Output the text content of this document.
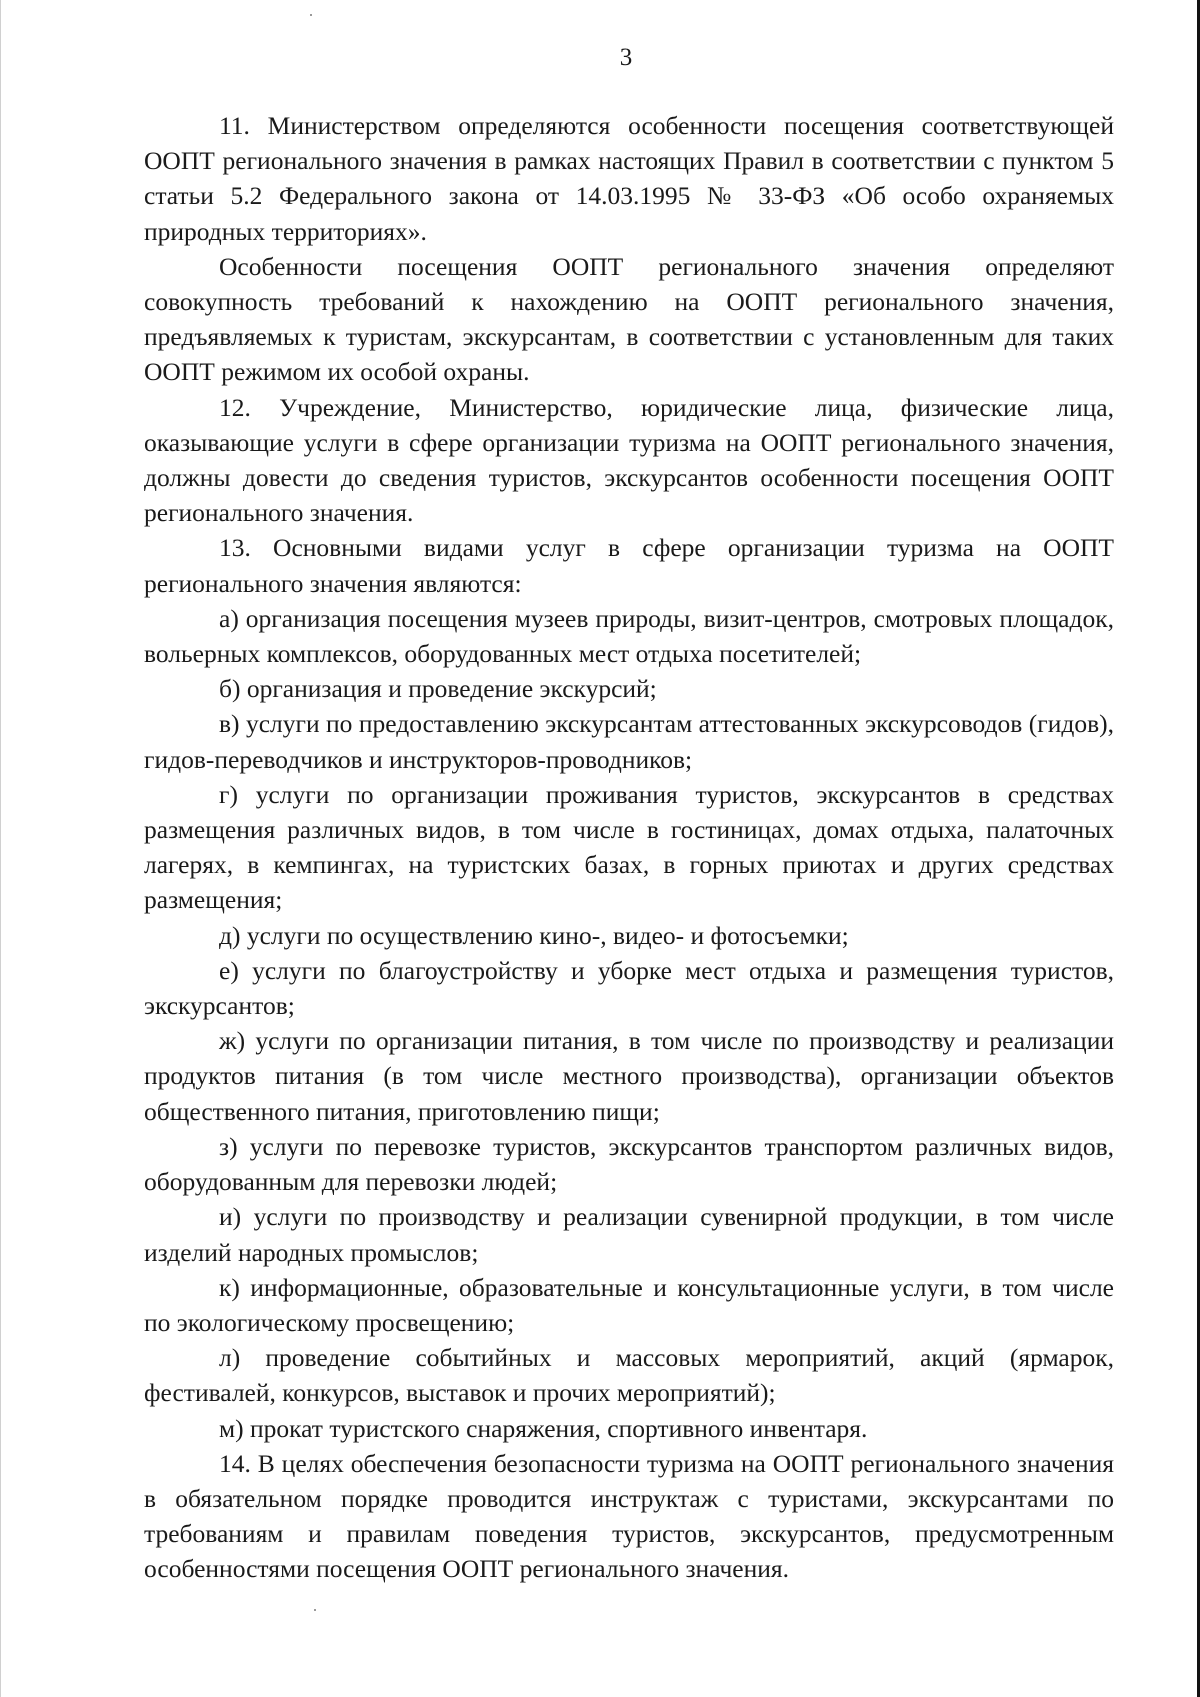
3

11. Министерством определяются особенности посещения соответствующей ООПТ регионального значения в рамках настоящих Правил в соответствии с пунктом 5 статьи 5.2 Федерального закона от 14.03.1995 № 33-ФЗ «Об особо охраняемых природных территориях».

Особенности посещения ООПТ регионального значения определяют совокупность требований к нахождению на ООПТ регионального значения, предъявляемых к туристам, экскурсантам, в соответствии с установленным для таких ООПТ режимом их особой охраны.

12. Учреждение, Министерство, юридические лица, физические лица, оказывающие услуги в сфере организации туризма на ООПТ регионального значения, должны довести до сведения туристов, экскурсантов особенности посещения ООПТ регионального значения.

13. Основными видами услуг в сфере организации туризма на ООПТ регионального значения являются:

а) организация посещения музеев природы, визит-центров, смотровых площадок, вольерных комплексов, оборудованных мест отдыха посетителей;

б) организация и проведение экскурсий;

в) услуги по предоставлению экскурсантам аттестованных экскурсоводов (гидов), гидов-переводчиков и инструкторов-проводников;

г) услуги по организации проживания туристов, экскурсантов в средствах размещения различных видов, в том числе в гостиницах, домах отдыха, палаточных лагерях, в кемпингах, на туристских базах, в горных приютах и других средствах размещения;

д) услуги по осуществлению кино-, видео- и фотосъемки;

е) услуги по благоустройству и уборке мест отдыха и размещения туристов, экскурсантов;

ж) услуги по организации питания, в том числе по производству и реализации продуктов питания (в том числе местного производства), организации объектов общественного питания, приготовлению пищи;

з) услуги по перевозке туристов, экскурсантов транспортом различных видов, оборудованным для перевозки людей;

и) услуги по производству и реализации сувенирной продукции, в том числе изделий народных промыслов;

к) информационные, образовательные и консультационные услуги, в том числе по экологическому просвещению;

л) проведение событийных и массовых мероприятий, акций (ярмарок, фестивалей, конкурсов, выставок и прочих мероприятий);

м) прокат туристского снаряжения, спортивного инвентаря.

14. В целях обеспечения безопасности туризма на ООПТ регионального значения в обязательном порядке проводится инструктаж с туристами, экскурсантами по требованиям и правилам поведения туристов, экскурсантов, предусмотренным особенностями посещения ООПТ регионального значения.
